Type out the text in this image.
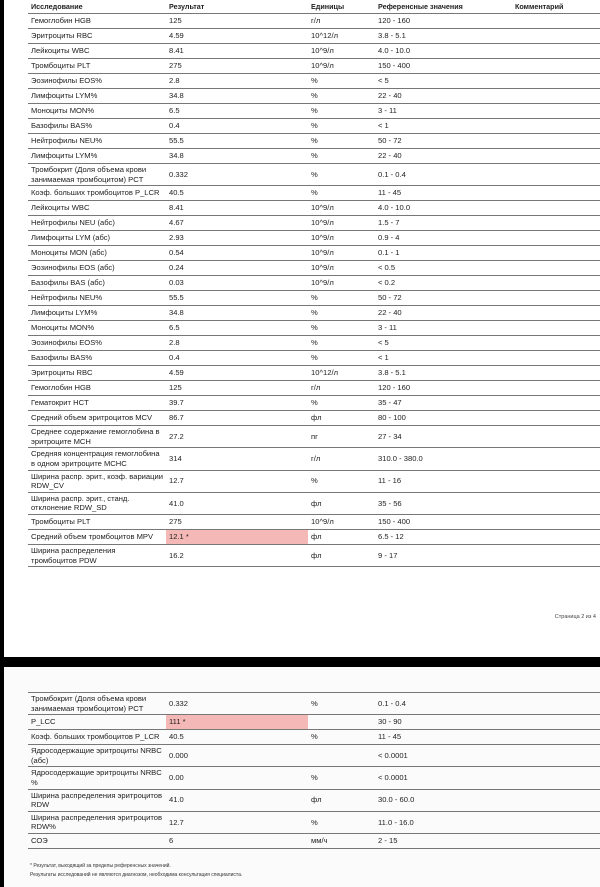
Исследование	Результат	Единицы	Референсные значения	Комментарий
Гемоглобин HGB	125	г/л	120 - 160	
Эритроциты RBC	4.59	10^12/л	3.8 - 5.1	
Лейкоциты WBC	8.41	10^9/л	4.0 - 10.0	
Тромбоциты PLT	275	10^9/л	150 - 400	
Эозинофилы EOS%	2.8	%	< 5	
Лимфоциты LYM%	34.8	%	22 - 40	
Моноциты MON%	6.5	%	3 - 11	
Базофилы BAS%	0.4	%	< 1	
Нейтрофилы NEU%	55.5	%	50 - 72	
Лимфоциты LYM%	34.8	%	22 - 40	
Тромбокрит (Доля объема крови занимаемая тромбоцитом) PCT	0.332	%	0.1 - 0.4	
Коэф. больших тромбоцитов P_LCR	40.5	%	11 - 45	
Лейкоциты WBC	8.41	10^9/л	4.0 - 10.0	
Нейтрофилы NEU (абс)	4.67	10^9/л	1.5 - 7	
Лимфоциты LYM (абс)	2.93	10^9/л	0.9 - 4	
Моноциты MON (абс)	0.54	10^9/л	0.1 - 1	
Эозинофилы EOS (абс)	0.24	10^9/л	< 0.5	
Базофилы BAS (абс)	0.03	10^9/л	< 0.2	
Нейтрофилы NEU%	55.5	%	50 - 72	
Лимфоциты LYM%	34.8	%	22 - 40	
Моноциты MON%	6.5	%	3 - 11	
Эозинофилы EOS%	2.8	%	< 5	
Базофилы BAS%	0.4	%	< 1	
Эритроциты RBC	4.59	10^12/л	3.8 - 5.1	
Гемоглобин HGB	125	г/л	120 - 160	
Гематокрит HCT	39.7	%	35 - 47	
Средний объем эритроцитов MCV	86.7	фл	80 - 100	
Среднее содержание гемоглобина в эритроците MCH	27.2	пг	27 - 34	
Средняя концентрация гемоглобина в одном эритроците MCHC	314	г/л	310.0 - 380.0	
Ширина распр. эрит., коэф. вариации RDW_CV	12.7	%	11 - 16	
Ширина распр. эрит., станд. отклонение RDW_SD	41.0	фл	35 - 56	
Тромбоциты PLT	275	10^9/л	150 - 400	
Средний объем тромбоцитов MPV	12.1 *	фл	6.5 - 12	
Ширина распределения тромбоцитов PDW	16.2	фл	9 - 17	
Страница 2 из 4
Тромбокрит (Доля объема крови занимаемая тромбоцитом) PCT	0.332	%	0.1 - 0.4	
P_LCC	111 *		30 - 90	
Коэф. больших тромбоцитов P_LCR	40.5	%	11 - 45	
Ядросодержащие эритроциты NRBC (абс)	0.000		< 0.0001	
Ядросодержащие эритроциты NRBC %	0.00	%	< 0.0001	
Ширина распределения эритроцитов RDW	41.0	фл	30.0 - 60.0	
Ширина распределения эритроцитов RDW%	12.7	%	11.0 - 16.0	
СОЭ	6	мм/ч	2 - 15	
* Результат, выходящий за пределы референсных значений.
Результаты исследований не являются диагнозом, необходима консультация специалиста.
